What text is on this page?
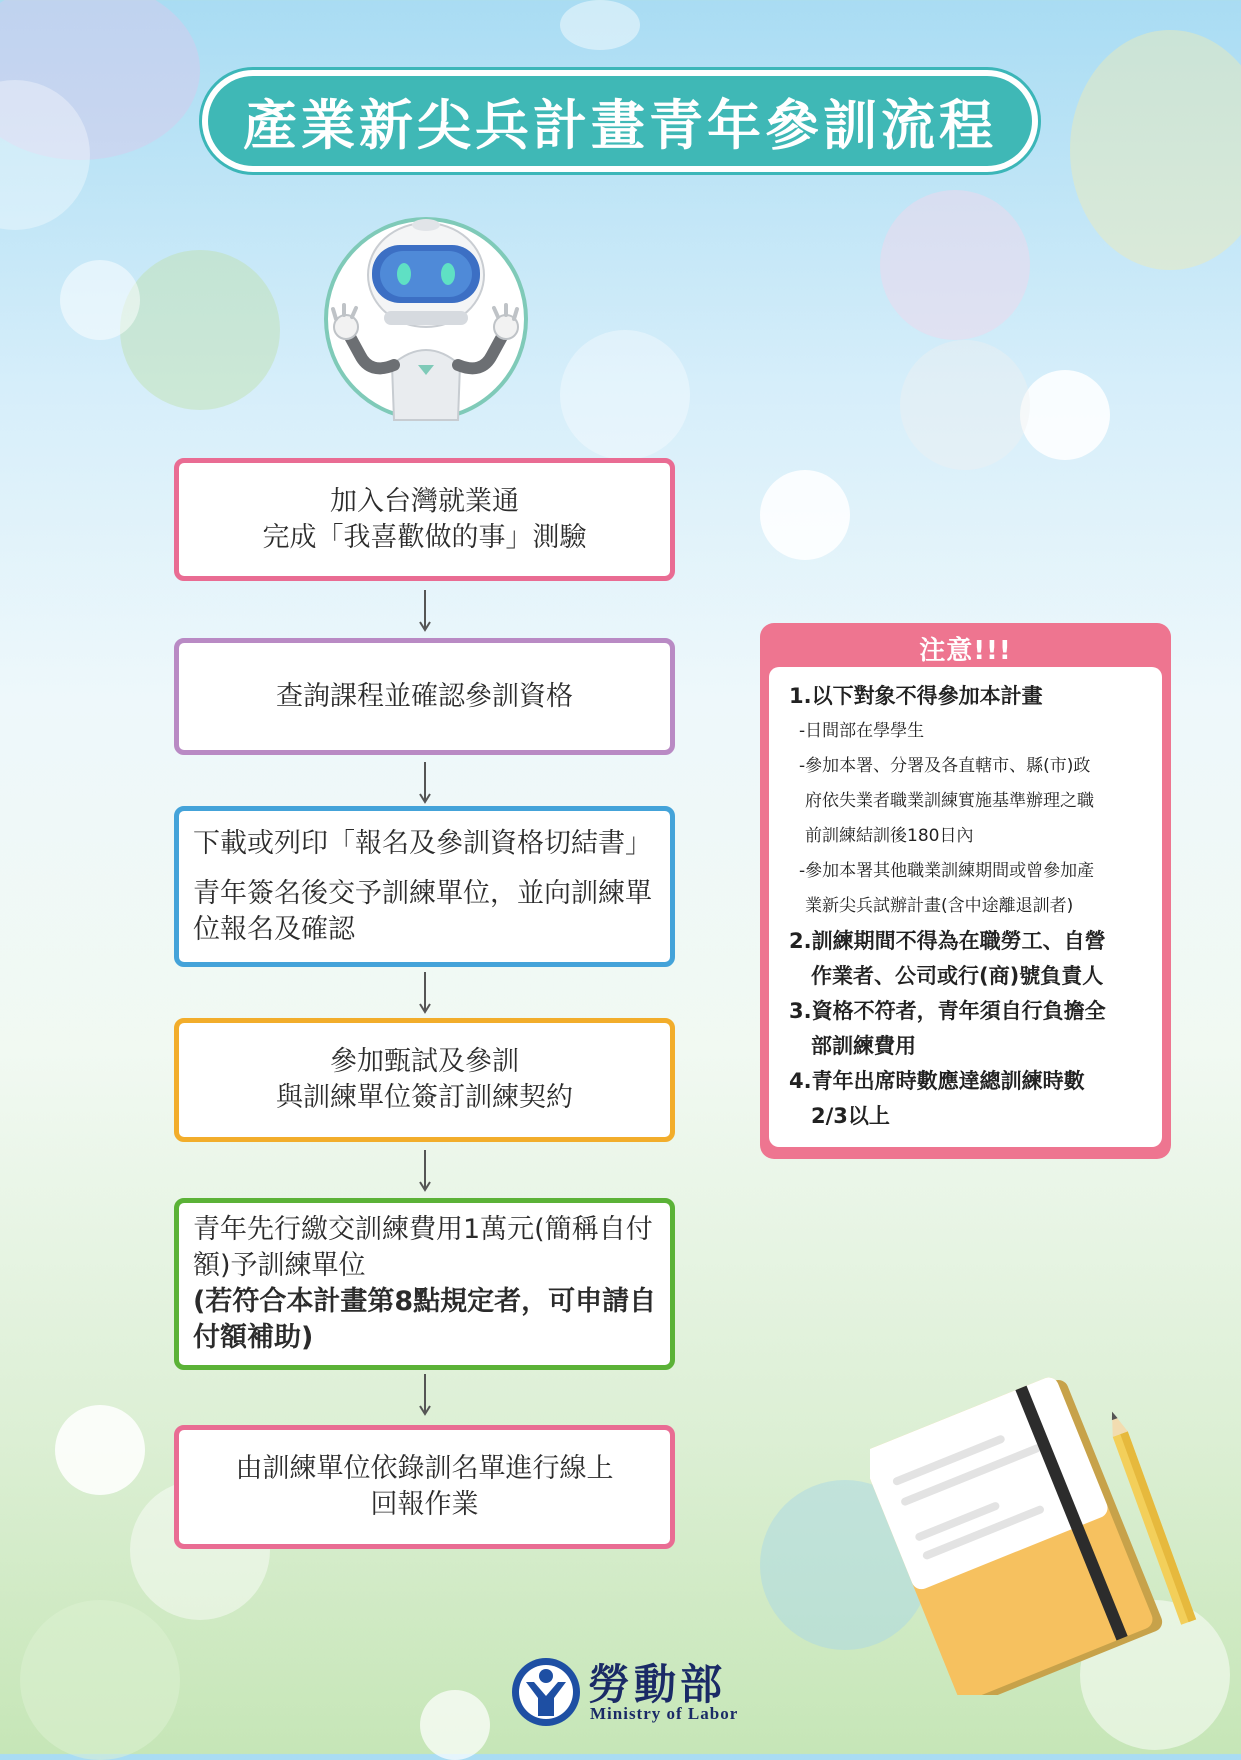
產業新尖兵計畫青年參訓流程

加入台灣就業通

完成「我喜歡做的事」測驗

查詢課程並確認參訓資格

下載或列印「報名及參訓資格切結書」

青年簽名後交予訓練單位，並向訓練單位報名及確認

參加甄試及參訓

與訓練單位簽訂訓練契約

青年先行繳交訓練費用1萬元(簡稱自付額)予訓練單位

(若符合本計畫第8點規定者，可申請自付額補助)

由訓練單位依錄訓名單進行線上

回報作業

注意!!!
1.以下對象不得參加本計畫
-日間部在學學生
-參加本署、分署及各直轄市、縣(市)政
府依失業者職業訓練實施基準辦理之職
前訓練結訓後180日內
-參加本署其他職業訓練期間或曾參加產
業新尖兵試辦計畫(含中途離退訓者)
2.訓練期間不得為在職勞工、自營
作業者、公司或行(商)號負責人
3.資格不符者，青年須自行負擔全
部訓練費用
4.青年出席時數應達總訓練時數
2/3以上
勞動部
Ministry of Labor
